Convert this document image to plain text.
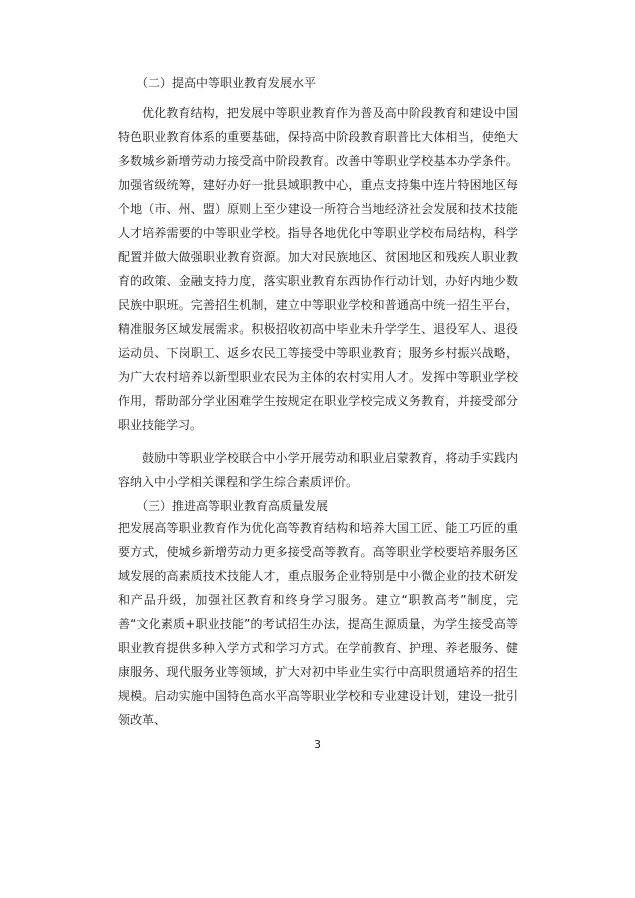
（二）提高中等职业教育发展水平
优化教育结构，把发展中等职业教育作为普及高中阶段教育和建设中国特色职业教育体系的重要基础，保持高中阶段教育职普比大体相当，使绝大多数城乡新增劳动力接受高中阶段教育。改善中等职业学校基本办学条件。加强省级统筹，建好办好一批县域职教中心，重点支持集中连片特困地区每个地（市、州、盟）原则上至少建设一所符合当地经济社会发展和技术技能人才培养需要的中等职业学校。指导各地优化中等职业学校布局结构，科学配置并做大做强职业教育资源。加大对民族地区、贫困地区和残疾人职业教育的政策、金融支持力度，落实职业教育东西协作行动计划，办好内地少数民族中职班。完善招生机制，建立中等职业学校和普通高中统一招生平台，精准服务区域发展需求。积极招收初高中毕业未升学学生、退役军人、退役运动员、下岗职工、返乡农民工等接受中等职业教育；服务乡村振兴战略，为广大农村培养以新型职业农民为主体的农村实用人才。发挥中等职业学校作用，帮助部分学业困难学生按规定在职业学校完成义务教育，并接受部分职业技能学习。
鼓励中等职业学校联合中小学开展劳动和职业启蒙教育，将动手实践内容纳入中小学相关课程和学生综合素质评价。
（三）推进高等职业教育高质量发展
把发展高等职业教育作为优化高等教育结构和培养大国工匠、能工巧匠的重要方式，使城乡新增劳动力更多接受高等教育。高等职业学校要培养服务区域发展的高素质技术技能人才，重点服务企业特别是中小微企业的技术研发和产品升级，加强社区教育和终身学习服务。建立“职教高考”制度，完善“文化素质+职业技能”的考试招生办法，提高生源质量，为学生接受高等职业教育提供多种入学方式和学习方式。在学前教育、护理、养老服务、健康服务、现代服务业等领域，扩大对初中毕业生实行中高职贯通培养的招生规模。启动实施中国特色高水平高等职业学校和专业建设计划，建设一批引领改革、
3
